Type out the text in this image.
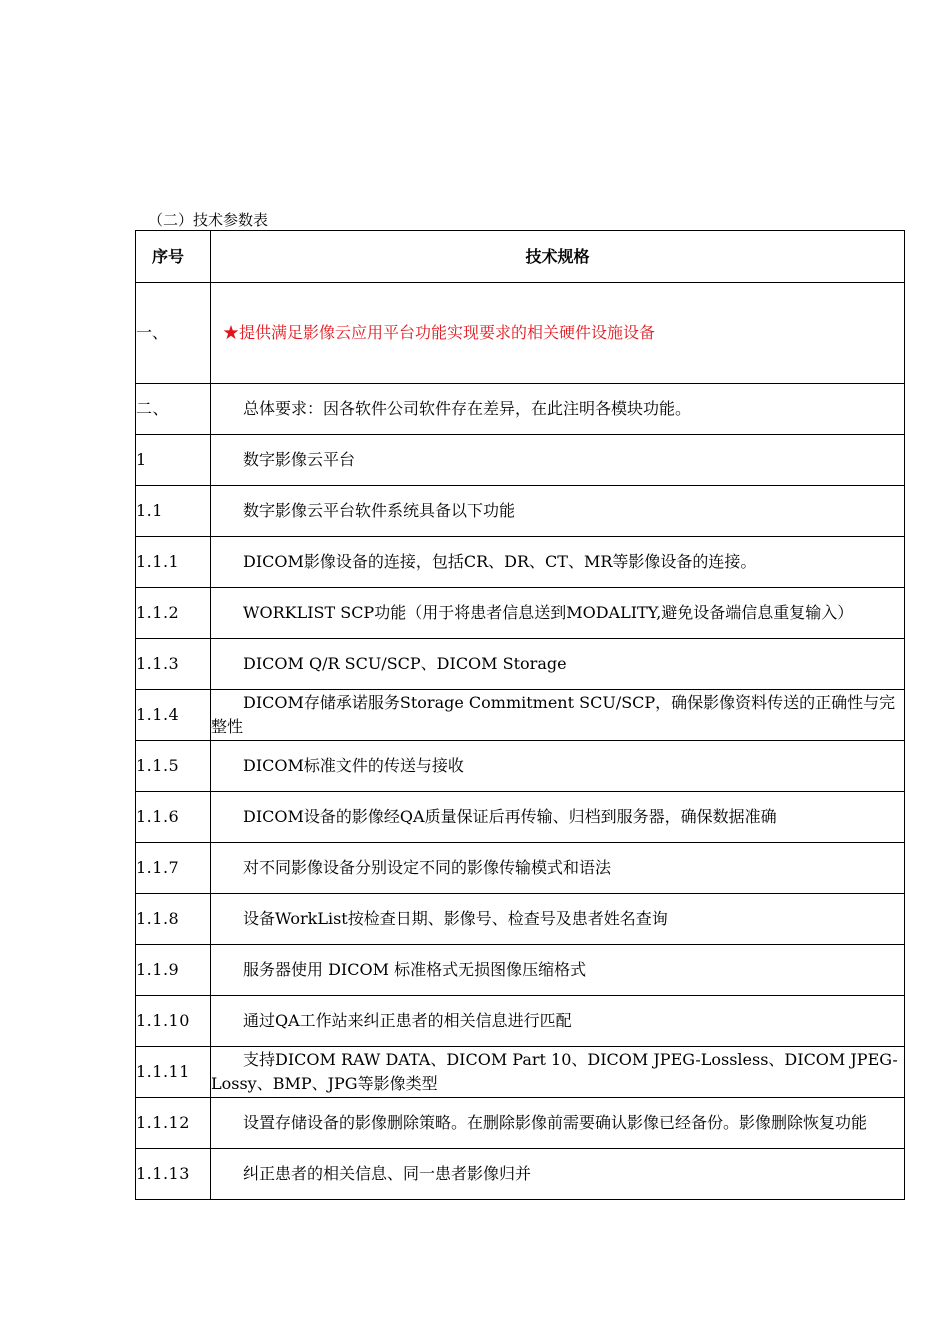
（二）技术参数表
序号	技术规格
一、	★提供满足影像云应用平台功能实现要求的相关硬件设施设备
二、	总体要求：因各软件公司软件存在差异，在此注明各模块功能。
1	数字影像云平台
1.1	数字影像云平台软件系统具备以下功能
1.1.1	DICOM影像设备的连接，包括CR、DR、CT、MR等影像设备的连接。
1.1.2	WORKLIST SCP功能（用于将患者信息送到MODALITY,避免设备端信息重复输入）
1.1.3	DICOM Q/R SCU/SCP、DICOM Storage
1.1.4	DICOM存储承诺服务Storage Commitment SCU/SCP，确保影像资料传送的正确性与完整性
1.1.5	DICOM标准文件的传送与接收
1.1.6	DICOM设备的影像经QA质量保证后再传输、归档到服务器，确保数据准确
1.1.7	对不同影像设备分别设定不同的影像传输模式和语法
1.1.8	设备WorkList按检查日期、影像号、检查号及患者姓名查询
1.1.9	服务器使用 DICOM 标准格式无损图像压缩格式
1.1.10	通过QA工作站来纠正患者的相关信息进行匹配
1.1.11	支持DICOM RAW DATA、DICOM Part 10、DICOM JPEG-Lossless、DICOM JPEG-Lossy、BMP、JPG等影像类型
1.1.12	设置存储设备的影像删除策略。在删除影像前需要确认影像已经备份。影像删除恢复功能
1.1.13	纠正患者的相关信息、同一患者影像归并
